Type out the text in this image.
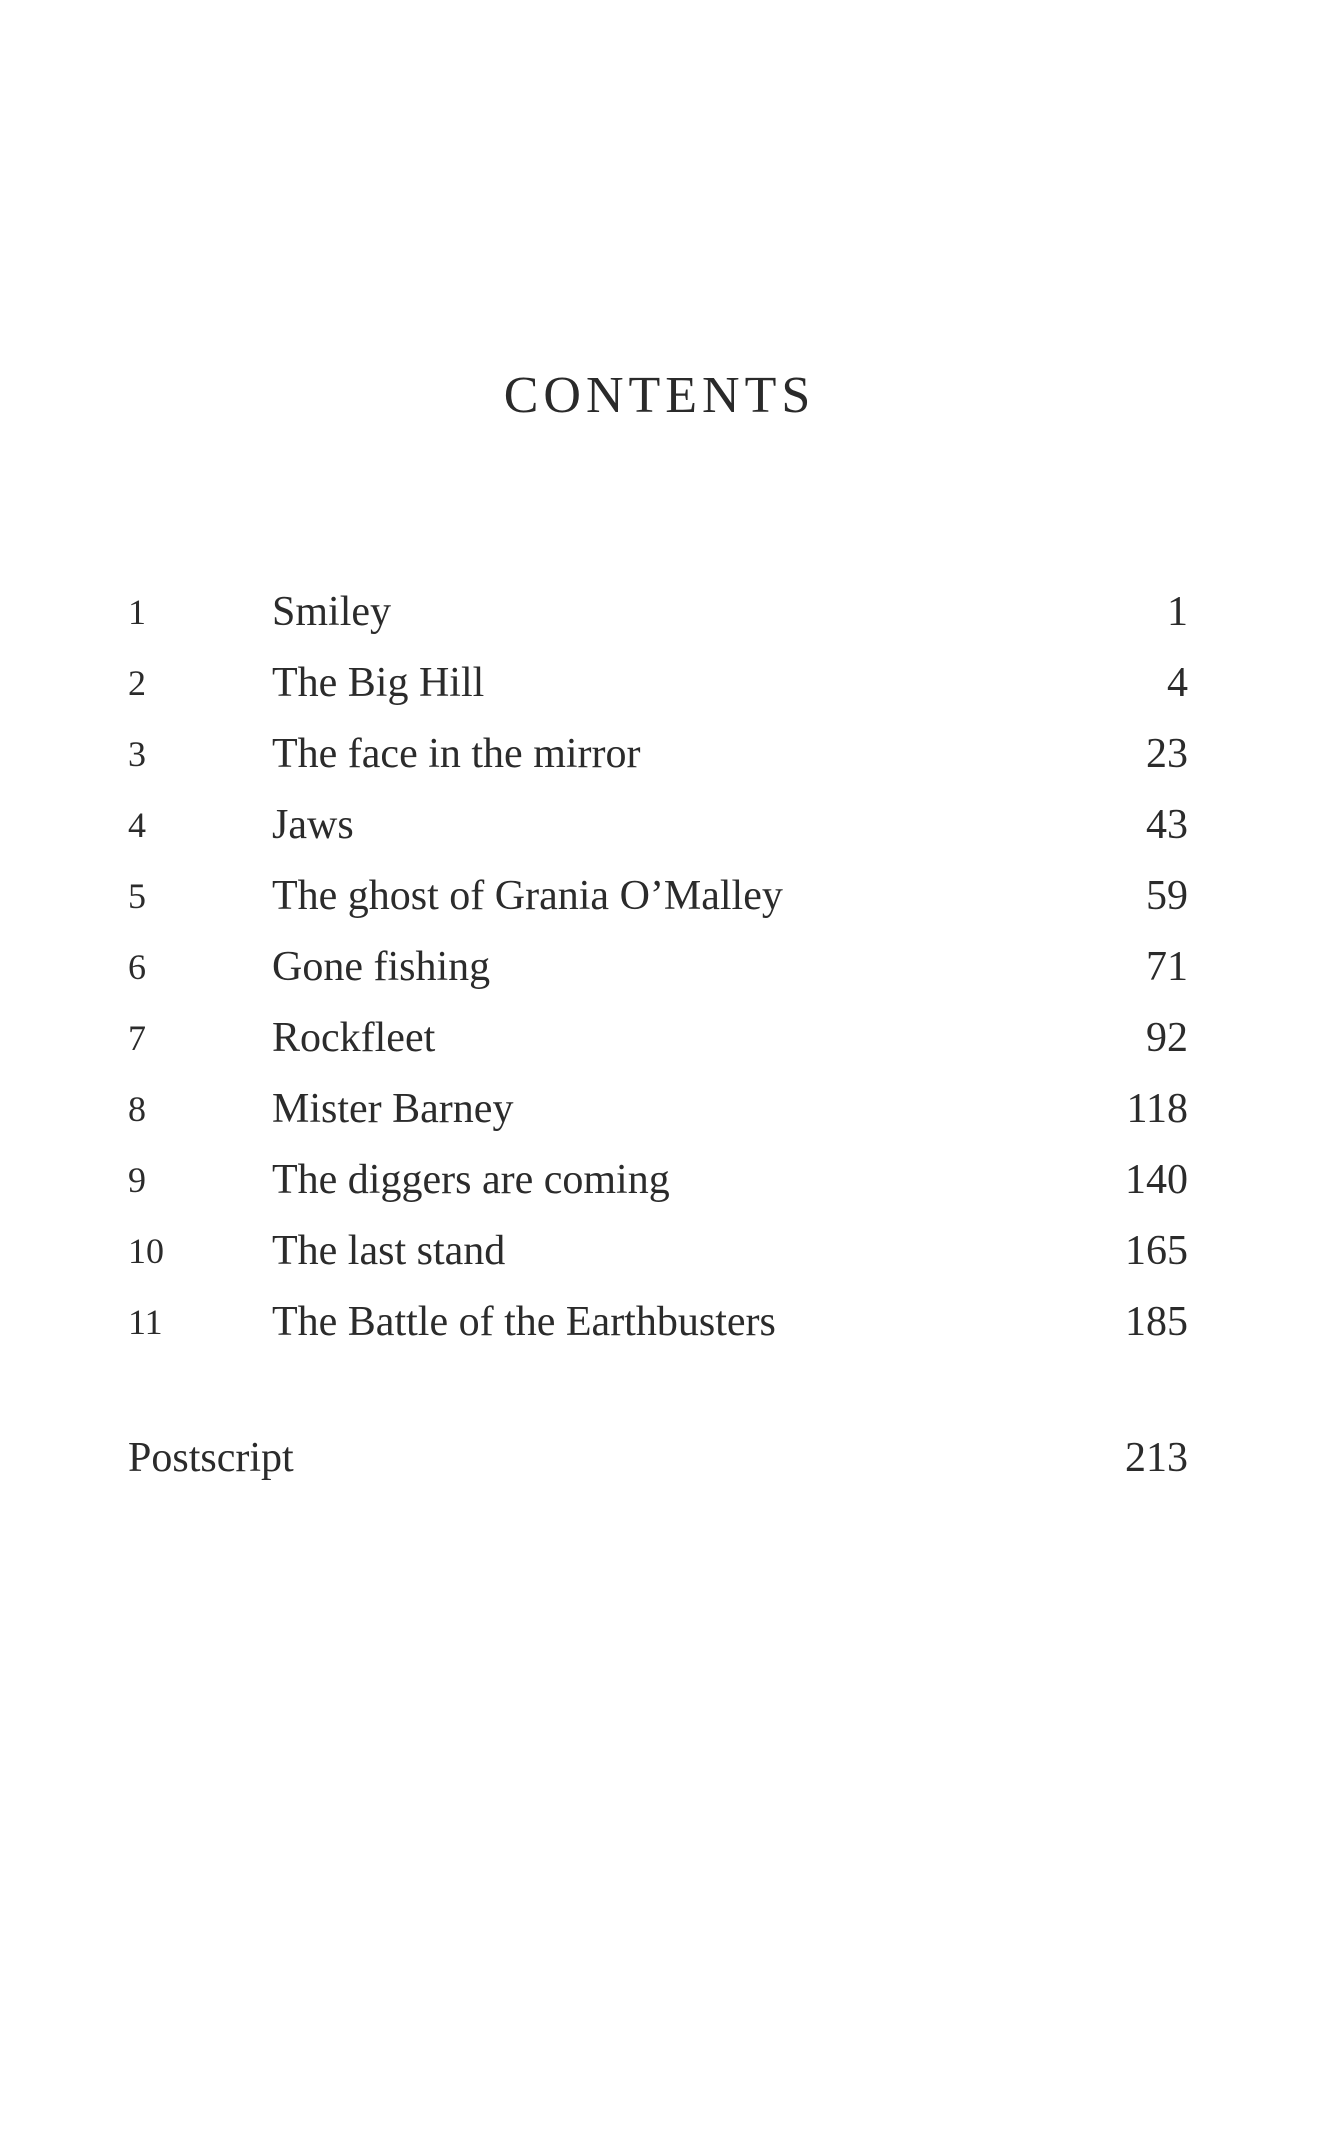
CONTENTS
1	Smiley	1
2	The Big Hill	4
3	The face in the mirror	23
4	Jaws	43
5	The ghost of Grania O’Malley	59
6	Gone fishing	71
7	Rockfleet	92
8	Mister Barney	118
9	The diggers are coming	140
10	The last stand	165
11	The Battle of the Earthbusters	185
Postscript	213
